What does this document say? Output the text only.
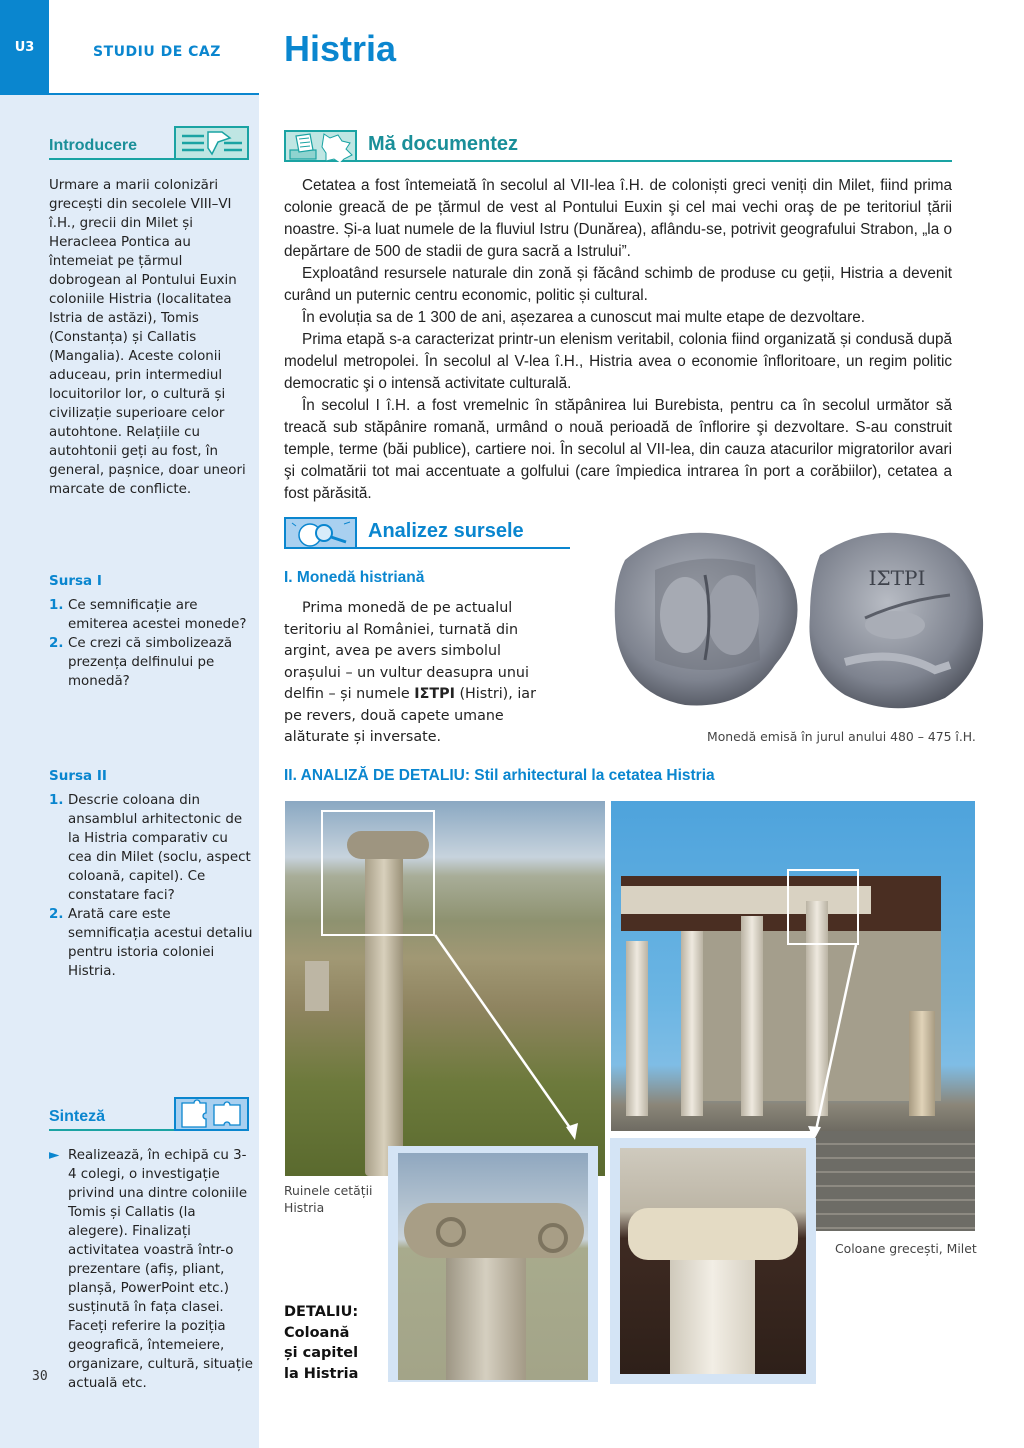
U3	STUDIU DE CAZ Histria
Introducere
Urmare a marii colonizări grecești din secolele VIII–VI î.H., grecii din Milet și Heracleea Pontica au întemeiat pe țărmul dobrogean al Pontului Euxin coloniile Histria (localitatea Istria de astăzi), Tomis (Constanța) și Callatis (Mangalia). Aceste colonii aduceau, prin intermediul locuitorilor lor, o cultură și civilizație superioare celor autohtone. Relațiile cu autohtonii geți au fost, în general, pașnice, doar uneori marcate de conflicte.
Sursa I
1. Ce semnificație are emiterea acestei monede?
2. Ce crezi că simbolizează prezența delfinului pe monedă?
Sursa II
1. Descrie coloana din ansamblul arhitectonic de la Histria comparativ cu cea din Milet (soclu, aspect coloană, capitel). Ce constatare faci?
2. Arată care este semnificația acestui detaliu pentru istoria coloniei Histria.
Sinteză
► Realizează, în echipă cu 3-4 colegi, o investigație privind una dintre coloniile Tomis și Callatis (la alegere). Finalizați activitatea voastră într-o prezentare (afiș, pliant, planșă, PowerPoint etc.) susținută în fața clasei. Faceți referire la poziția geografică, întemeiere, organizare, cultură, situație actuală etc.
30
Mă documentez

Cetatea a fost întemeiată în secolul al VII-lea î.H. de coloniști greci veniți din Milet, fiind prima colonie greacă de pe țărmul de vest al Pontului Euxin şi cel mai vechi oraş de pe teritoriul țării noastre. Și-a luat numele de la fluviul Istru (Dunărea), aflându-se, potrivit geografului Strabon, „la o depărtare de 500 de stadii de gura sacră a Istrului”.

Exploatând resursele naturale din zonă și făcând schimb de produse cu geții, Histria a devenit curând un puternic centru economic, politic și cultural.

În evoluția sa de 1 300 de ani, așezarea a cunoscut mai multe etape de dezvoltare.

Prima etapă s-a caracterizat printr-un elenism veritabil, colonia fiind organizată și condusă după modelul metropolei. În secolul al V-lea î.H., Histria avea o economie înfloritoare, un regim politic democratic şi o intensă activitate culturală.

În secolul I î.H. a fost vremelnic în stăpânirea lui Burebista, pentru ca în secolul următor să treacă sub stăpânire romană, urmând o nouă perioadă de înflorire şi dezvoltare. S-au construit temple, terme (băi publice), cartiere noi. În secolul al VII-lea, din cauza atacurilor migratorilor avari şi colmatării tot mai accentuate a golfului (care împiedica intrarea în port a corăbiilor), cetatea a fost părăsită.

Analizez sursele
I. Monedă histriană
Prima monedă de pe actualul teritoriu al României, turnată din argint, avea pe avers simbolul orașului – un vultur deasupra unui delfin – și numele ΙΣΤΡΙ (Histri), iar pe revers, două capete umane alăturate și inversate.
ΙΣΤΡΙ
Monedă emisă în jurul anului 480 – 475 î.H.
II. ANALIZĂ DE DETALIU: Stil arhitectural la cetatea Histria
Ruinele cetății Histria
Coloane grecești, Milet
DETALIU:
Coloană
și capitel
la Histria
